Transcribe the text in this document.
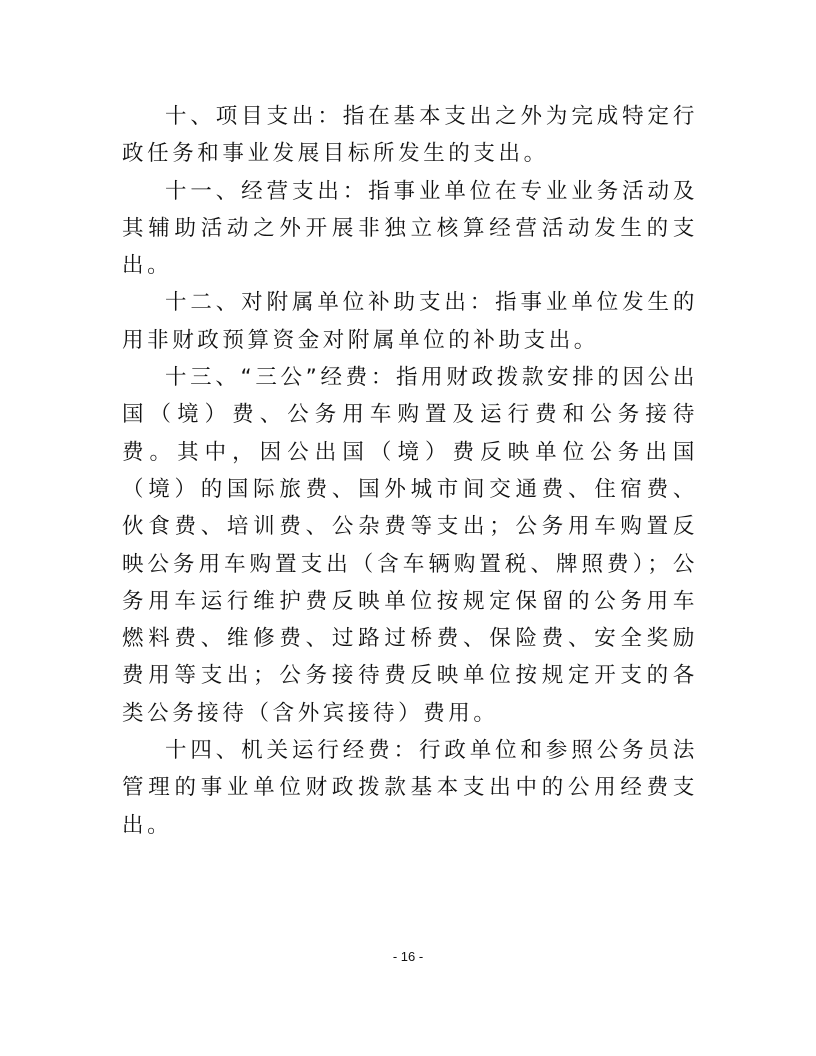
十、项目支出：指在基本支出之外为完成特定行政任务和事业发展目标所发生的支出。

十一、经营支出：指事业单位在专业业务活动及其辅助活动之外开展非独立核算经营活动发生的支出。

十二、对附属单位补助支出：指事业单位发生的用非财政预算资金对附属单位的补助支出。

十三、“三公”经费：指用财政拨款安排的因公出国（境）费、公务用车购置及运行费和公务接待费。其中，因公出国（境）费反映单位公务出国（境）的国际旅费、国外城市间交通费、住宿费、伙食费、培训费、公杂费等支出；公务用车购置反映公务用车购置支出（含车辆购置税、牌照费）；公务用车运行维护费反映单位按规定保留的公务用车燃料费、维修费、过路过桥费、保险费、安全奖励费用等支出；公务接待费反映单位按规定开支的各类公务接待（含外宾接待）费用。

十四、机关运行经费：行政单位和参照公务员法管理的事业单位财政拨款基本支出中的公用经费支出。

- 16 -
